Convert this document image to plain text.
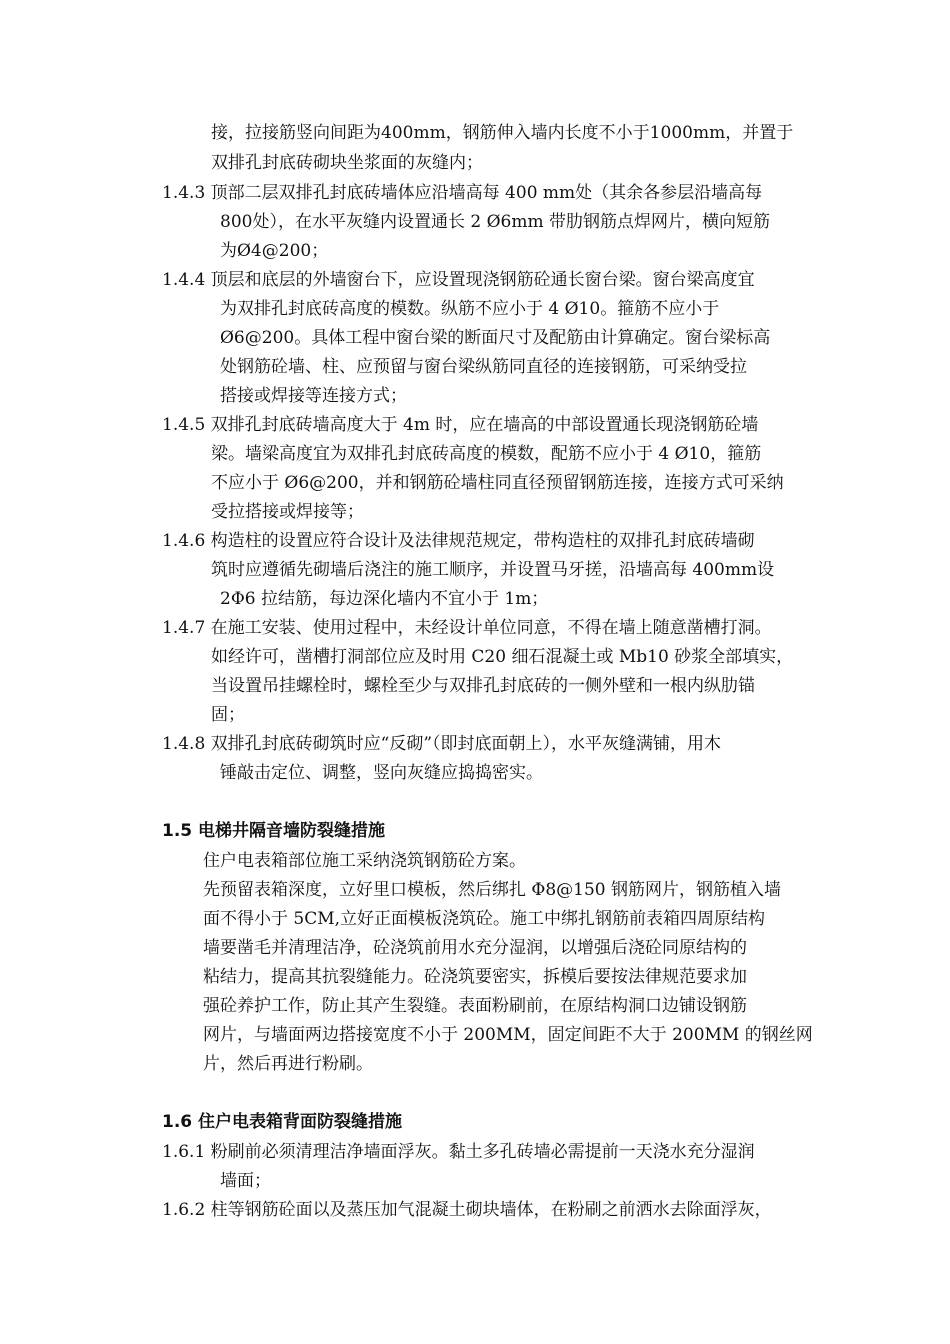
接，拉接筋竖向间距为400mm，钢筋伸入墙内长度不小于1000mm，并置于
双排孔封底砖砌块坐浆面的灰缝内；
1.4.3 顶部二层双排孔封底砖墙体应沿墙高每 400 mm处（其余各参层沿墙高每
800处），在水平灰缝内设置通长 2 Ø6mm 带肋钢筋点焊网片，横向短筋
为Ø4@200；
1.4.4 顶层和底层的外墙窗台下，应设置现浇钢筋砼通长窗台梁。窗台梁高度宜
为双排孔封底砖高度的模数。纵筋不应小于 4 Ø10。箍筋不应小于
Ø6@200。具体工程中窗台梁的断面尺寸及配筋由计算确定。窗台梁标高
处钢筋砼墙、柱、应预留与窗台梁纵筋同直径的连接钢筋，可采纳受拉
搭接或焊接等连接方式；
1.4.5 双排孔封底砖墙高度大于 4m 时，应在墙高的中部设置通长现浇钢筋砼墙
梁。墙梁高度宜为双排孔封底砖高度的模数，配筋不应小于 4 Ø10，箍筋
不应小于 Ø6@200，并和钢筋砼墙柱同直径预留钢筋连接，连接方式可采纳
受拉搭接或焊接等；
1.4.6 构造柱的设置应符合设计及法律规范规定，带构造柱的双排孔封底砖墙砌
筑时应遵循先砌墙后浇注的施工顺序，并设置马牙搓，沿墙高每 400mm设
2Φ6 拉结筋，每边深化墙内不宜小于 1m；
1.4.7 在施工安装、使用过程中，未经设计单位同意，不得在墙上随意凿槽打洞。
如经许可，凿槽打洞部位应及时用 C20 细石混凝土或 Mb10 砂浆全部填实，
当设置吊挂螺栓时，螺栓至少与双排孔封底砖的一侧外壁和一根内纵肋锚
固；
1.4.8 双排孔封底砖砌筑时应“反砌”（即封底面朝上），水平灰缝满铺，用木
锤敲击定位、调整，竖向灰缝应捣捣密实。
1.5 电梯井隔音墙防裂缝措施
住户电表箱部位施工采纳浇筑钢筋砼方案。
先预留表箱深度，立好里口模板，然后绑扎 Φ8@150 钢筋网片，钢筋植入墙
面不得小于 5CM,立好正面模板浇筑砼。施工中绑扎钢筋前表箱四周原结构
墙要凿毛并清理洁净，砼浇筑前用水充分湿润，以增强后浇砼同原结构的
粘结力，提高其抗裂缝能力。砼浇筑要密实，拆模后要按法律规范要求加
强砼养护工作，防止其产生裂缝。表面粉刷前，在原结构洞口边铺设钢筋
网片，与墙面两边搭接宽度不小于 200MM，固定间距不大于 200MM 的钢丝网
片，然后再进行粉刷。
1.6 住户电表箱背面防裂缝措施
1.6.1 粉刷前必须清理洁净墙面浮灰。黏土多孔砖墙必需提前一天浇水充分湿润
墙面；
1.6.2 柱等钢筋砼面以及蒸压加气混凝土砌块墙体，在粉刷之前洒水去除面浮灰，
